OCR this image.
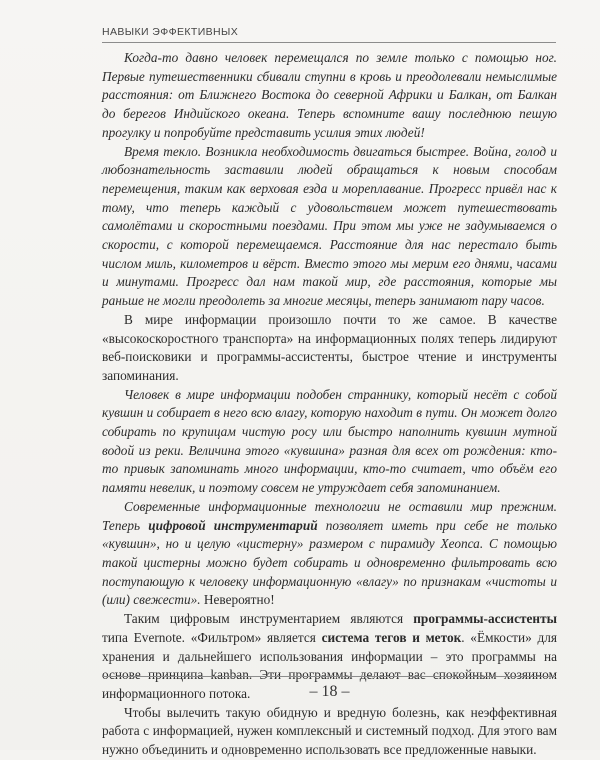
НАВЫКИ ЭФФЕКТИВНЫХ

Когда-то давно человек перемещался по земле только с помощью ног. Первые путешественники сбивали ступни в кровь и преодолевали немыслимые расстояния: от Ближнего Востока до северной Африки и Балкан, от Балкан до берегов Индийского океана. Теперь вспомните вашу последнюю пешую прогулку и попробуйте представить усилия этих людей!

Время текло. Возникла необходимость двигаться быстрее. Война, голод и любознательность заставили людей обращаться к новым способам перемещения, таким как верховая езда и мореплавание. Прогресс привёл нас к тому, что теперь каждый с удовольствием может путешествовать самолётами и скоростными поездами. При этом мы уже не задумываемся о скорости, с которой перемещаемся. Расстояние для нас перестало быть числом миль, километров и вёрст. Вместо этого мы мерим его днями, часами и минутами. Прогресс дал нам такой мир, где расстояния, которые мы раньше не могли преодолеть за многие месяцы, теперь занимают пару часов.

В мире информации произошло почти то же самое. В качестве «высокоскоростного транспорта» на информационных полях теперь лидируют веб-поисковики и программы-ассистенты, быстрое чтение и инструменты запоминания.

Человек в мире информации подобен страннику, который несёт с собой кувшин и собирает в него всю влагу, которую находит в пути. Он может долго собирать по крупицам чистую росу или быстро наполнить кувшин мутной водой из реки. Величина этого «кувшина» разная для всех от рождения: кто-то привык запоминать много информации, кто-то считает, что объём его памяти невелик, и поэтому совсем не утруждает себя запоминанием.

Современные информационные технологии не оставили мир прежним. Теперь цифровой инструментарий позволяет иметь при себе не только «кувшин», но и целую «цистерну» размером с пирамиду Хеопса. С помощью такой цистерны можно будет собирать и одновременно фильтровать всю поступающую к человеку информационную «влагу» по признакам «чистоты и (или) свежести». Невероятно!

Таким цифровым инструментарием являются программы-ассистенты типа Evernote. «Фильтром» является система тегов и меток. «Ёмкости» для хранения и дальнейшего использования информации – это программы на основе принципа kanban. Эти программы делают вас спокойным хозяином информационного потока.

Чтобы вылечить такую обидную и вредную болезнь, как неэффективная работа с информацией, нужен комплексный и системный подход. Для этого вам нужно объединить и одновременно использовать все предложенные навыки.

– 18 –
